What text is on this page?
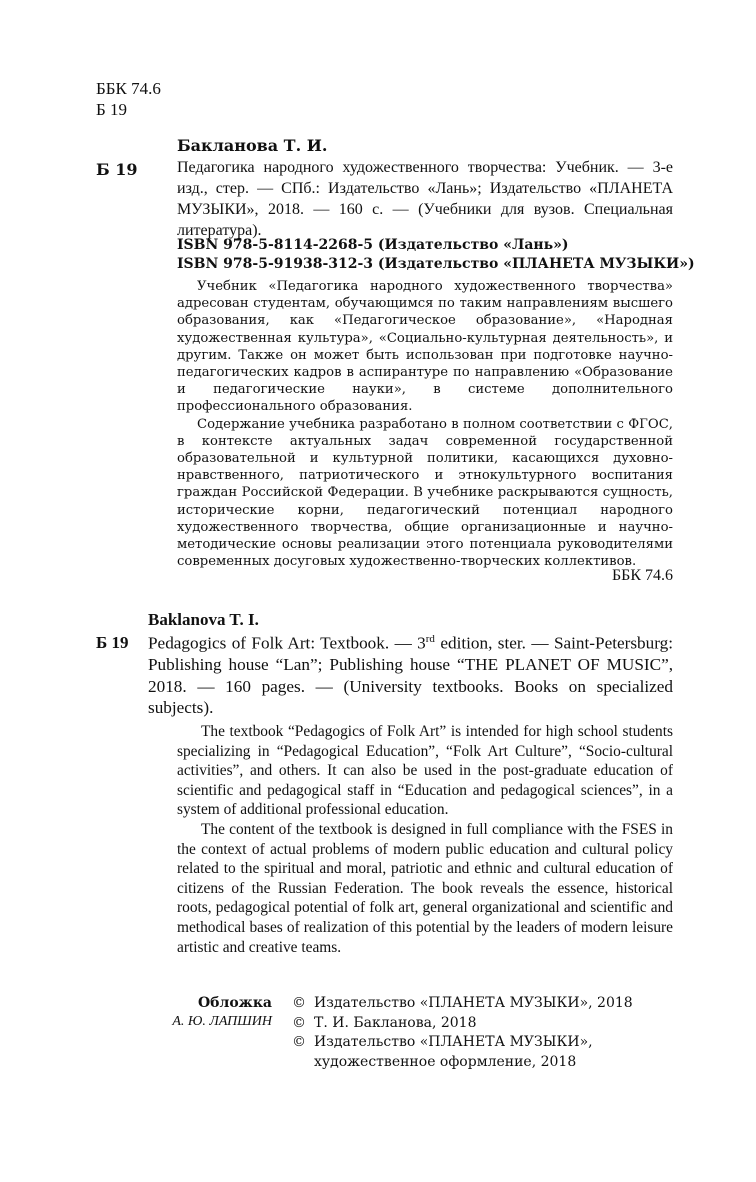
ББК 74.6
Б 19
Бакланова Т. И.
Б 19 Педагогика народного художественного творчества: Учебник. — 3-е изд., стер. — СПб.: Издательство «Лань»; Издательство «ПЛАНЕТА МУЗЫКИ», 2018. — 160 с. — (Учебники для вузов. Специальная литература).
ISBN 978-5-8114-2268-5 (Издательство «Лань»)
ISBN 978-5-91938-312-3 (Издательство «ПЛАНЕТА МУЗЫКИ»)

Учебник «Педагогика народного художественного творчества» адресован студентам, обучающимся по таким направлениям высшего образования, как «Педагогическое образование», «Народная художественная культура», «Социально-культурная деятельность», и другим. Также он может быть использован при подготовке научно-педагогических кадров в аспирантуре по направлению «Образование и педагогические науки», в системе дополнительного профессионального образования.

Содержание учебника разработано в полном соответствии с ФГОС, в контексте актуальных задач современной государственной образовательной и культурной политики, касающихся духовно-нравственного, патриотического и этнокультурного воспитания граждан Российской Федерации. В учебнике раскрываются сущность, исторические корни, педагогический потенциал народного художественного творчества, общие организационные и научно-методические основы реализации этого потенциала руководителями современных досуговых художественно-творческих коллективов.

ББК 74.6
Baklanova T. I.
Б 19 Pedagogics of Folk Art: Textbook. — 3rd edition, ster. — Saint-Petersburg: Publishing house “Lan”; Publishing house “THE PLANET OF MUSIC”, 2018. — 160 pages. — (University textbooks. Books on specialized subjects).

The textbook “Pedagogics of Folk Art” is intended for high school students specializing in “Pedagogical Education”, “Folk Art Culture”, “Socio-cultural activities”, and others. It can also be used in the post-graduate education of scientific and pedagogical staff in “Education and pedagogical sciences”, in a system of additional professional education.

The content of the textbook is designed in full compliance with the FSES in the context of actual problems of modern public education and cultural policy related to the spiritual and moral, patriotic and ethnic and cultural education of citizens of the Russian Federation. The book reveals the essence, historical roots, pedagogical potential of folk art, general organizational and scientific and methodical bases of realization of this potential by the leaders of modern leisure artistic and creative teams.

Обложка
А. Ю. ЛАПШИН
© Издательство «ПЛАНЕТА МУЗЫКИ», 2018
© Т. И. Бакланова, 2018
© Издательство «ПЛАНЕТА МУЗЫКИ»,
художественное оформление, 2018
